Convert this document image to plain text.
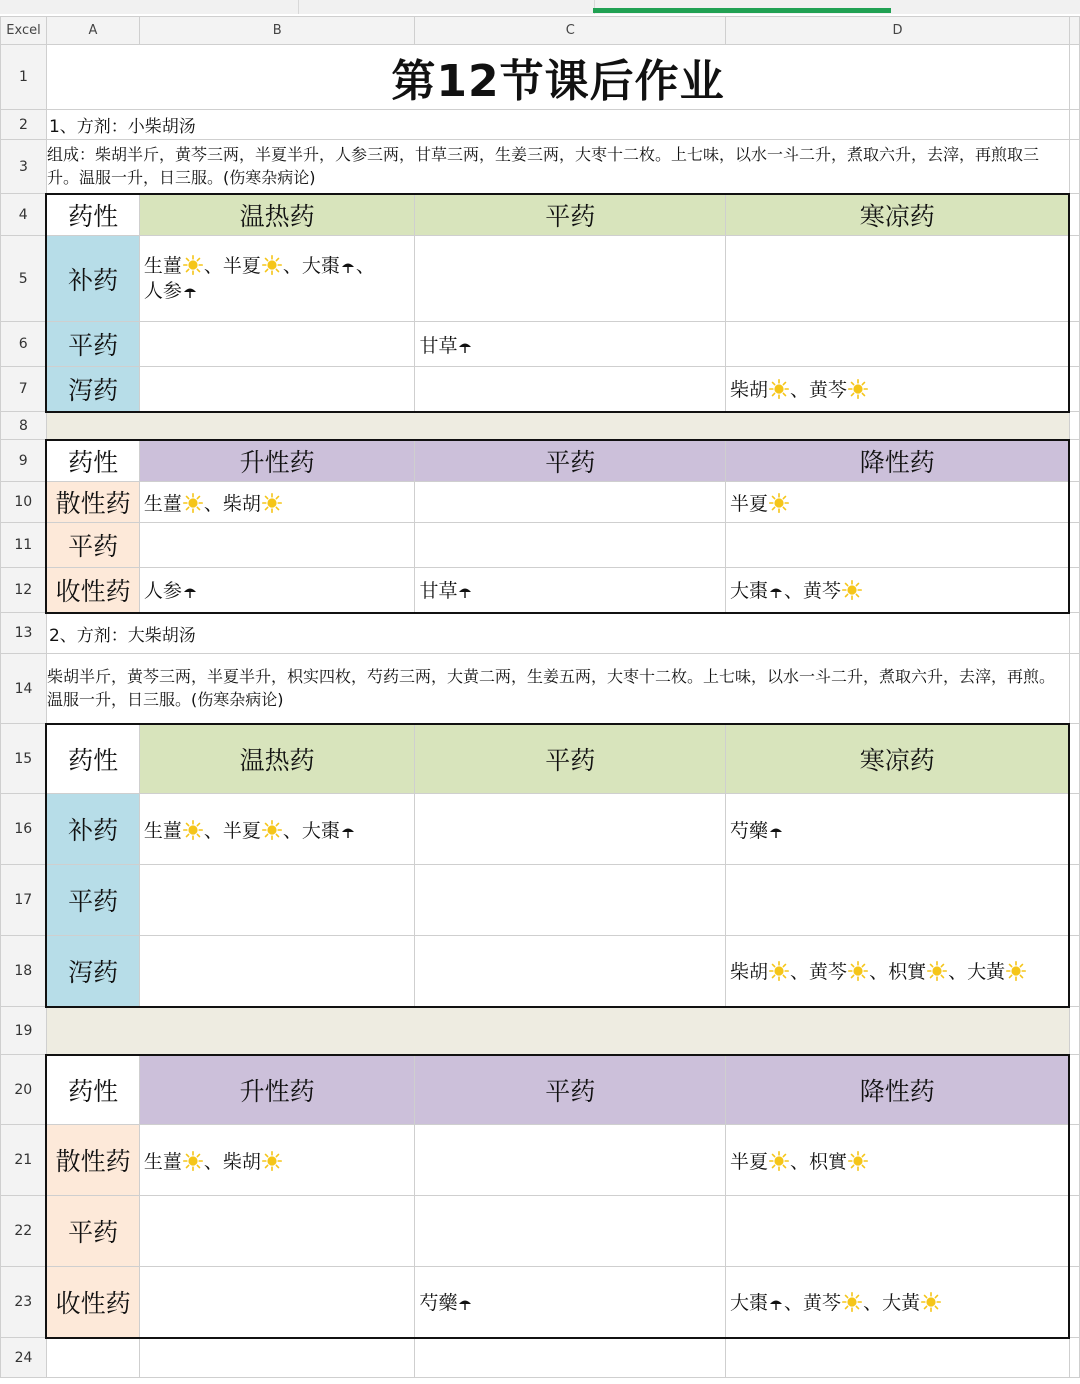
Excel	A	B	C	D	
1	第12节课后作业				
2	1、方剂：小柴胡汤				
3	组成：柴胡半斤，黄芩三两，半夏半升，人参三两，甘草三两，生姜三两，大枣十二枚。上七味，以水一斗二升，煮取六升，去滓，再煎取三升。温服一升，日三服。(伤寒杂病论)				
4	药性	温热药	平药	寒凉药	
5	补药	生薑 、半夏 、大棗 、
人参			
6	平药		甘草		
7	泻药			柴胡 、黄芩	
8					
9	药性	升性药	平药	降性药	
10	散性药	生薑 、柴胡		半夏	
11	平药				
12	收性药	人参	甘草	大棗 、黄芩	
13	2、方剂：大柴胡汤				
14	柴胡半斤，黄芩三两，半夏半升，枳实四枚，芍药三两，大黄二两，生姜五两，大枣十二枚。上七味，以水一斗二升，煮取六升，去滓，再煎。温服一升，日三服。(伤寒杂病论)				
15	药性	温热药	平药	寒凉药	
16	补药	生薑 、半夏 、大棗		芍藥	
17	平药				
18	泻药			柴胡 、黄芩 、枳實 、大黃	
19					
20	药性	升性药	平药	降性药	
21	散性药	生薑 、柴胡		半夏 、枳實	
22	平药				
23	收性药		芍藥	大棗 、黄芩 、大黃	
24					
